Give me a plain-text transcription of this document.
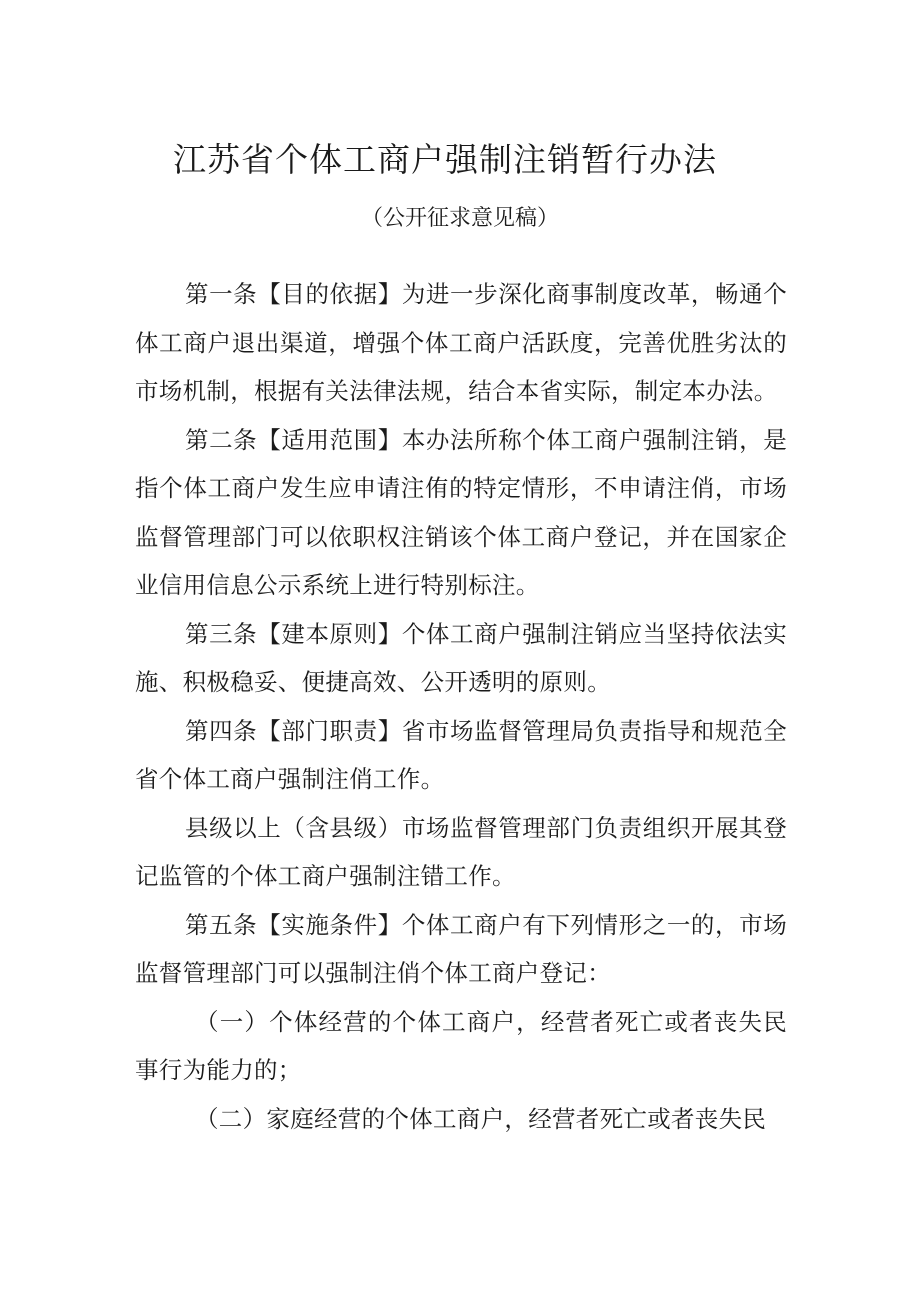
江苏省个体工商户强制注销暂行办法
（公开征求意见稿）

第一条【目的依据】为进一步深化商事制度改革，畅通个体工商户退出渠道，增强个体工商户活跃度，完善优胜劣汰的市场机制，根据有关法律法规，结合本省实际，制定本办法。

第二条【适用范围】本办法所称个体工商户强制注销，是指个体工商户发生应申请注侑的特定情形，不申请注俏，市场监督管理部门可以依职权注销该个体工商户登记，并在国家企业信用信息公示系统上进行特别标注。

第三条【建本原则】个体工商户强制注销应当坚持依法实施、积极稳妥、便捷高效、公开透明的原则。

第四条【部门职责】省市场监督管理局负责指导和规范全省个体工商户强制注俏工作。

县级以上（含县级）市场监督管理部门负责组织开展其登记监管的个体工商户强制注错工作。

第五条【实施条件】个体工商户有下列情形之一的，市场监督管理部门可以强制注俏个体工商户登记：

（一）个体经营的个体工商户，经营者死亡或者丧失民事行为能力的；

（二）家庭经营的个体工商户，经营者死亡或者丧失民
